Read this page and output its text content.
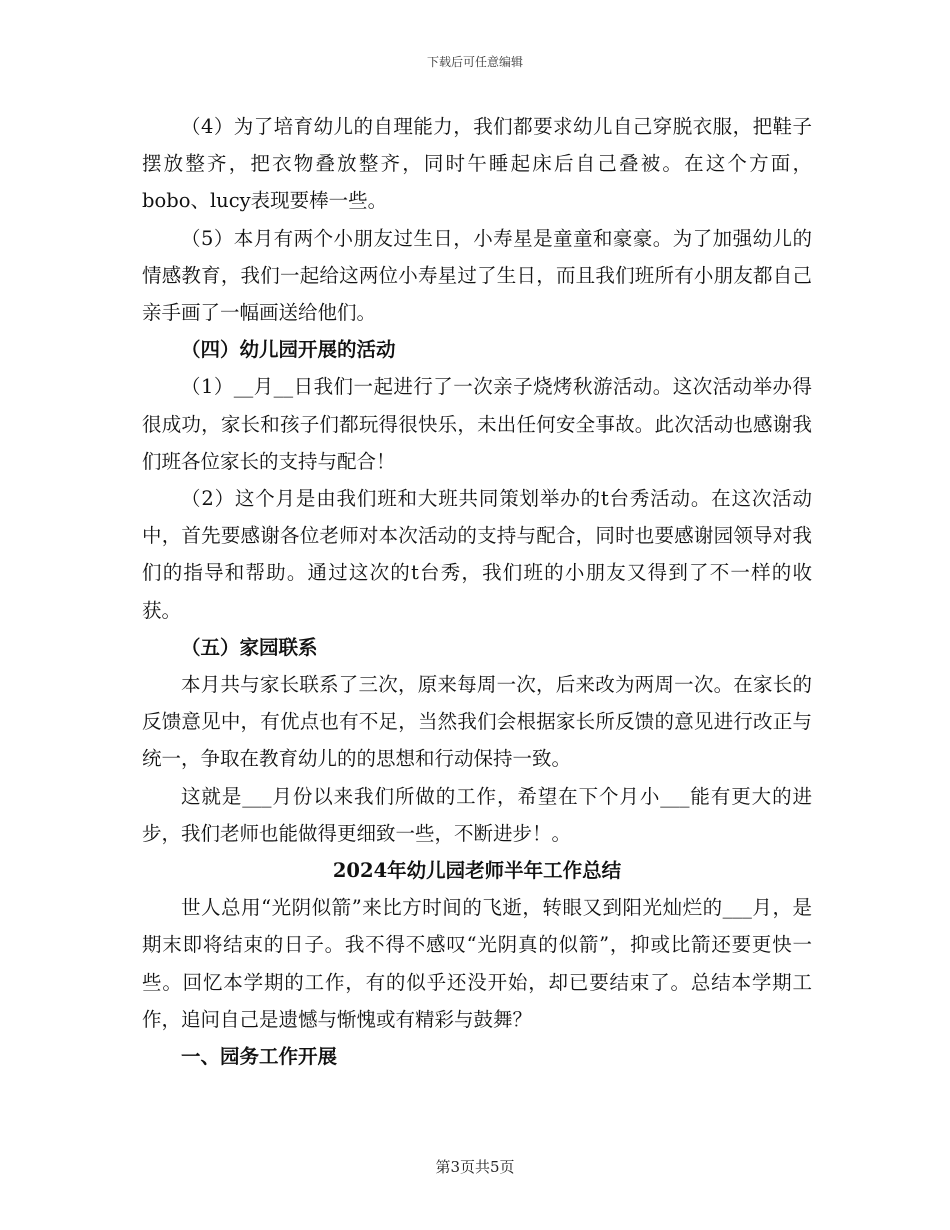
下载后可任意编辑

（4）为了培育幼儿的自理能力，我们都要求幼儿自己穿脱衣服，把鞋子摆放整齐，把衣物叠放整齐，同时午睡起床后自己叠被。在这个方面，bobo、lucy表现要棒一些。

（5）本月有两个小朋友过生日，小寿星是童童和豪豪。为了加强幼儿的情感教育，我们一起给这两位小寿星过了生日，而且我们班所有小朋友都自己亲手画了一幅画送给他们。

（四）幼儿园开展的活动

（1）__月__日我们一起进行了一次亲子烧烤秋游活动。这次活动举办得很成功，家长和孩子们都玩得很快乐，未出任何安全事故。此次活动也感谢我们班各位家长的支持与配合！

（2）这个月是由我们班和大班共同策划举办的t台秀活动。在这次活动中，首先要感谢各位老师对本次活动的支持与配合，同时也要感谢园领导对我们的指导和帮助。通过这次的t台秀，我们班的小朋友又得到了不一样的收获。

（五）家园联系

本月共与家长联系了三次，原来每周一次，后来改为两周一次。在家长的反馈意见中，有优点也有不足，当然我们会根据家长所反馈的意见进行改正与统一，争取在教育幼儿的的思想和行动保持一致。

这就是___月份以来我们所做的工作，希望在下个月小___能有更大的进步，我们老师也能做得更细致一些，不断进步！。

2024年幼儿园老师半年工作总结

世人总用“光阴似箭”来比方时间的飞逝，转眼又到阳光灿烂的___月，是期末即将结束的日子。我不得不感叹“光阴真的似箭”，抑或比箭还要更快一些。回忆本学期的工作，有的似乎还没开始，却已要结束了。总结本学期工作，追问自己是遗憾与惭愧或有精彩与鼓舞？

一、园务工作开展

第3页共5页
